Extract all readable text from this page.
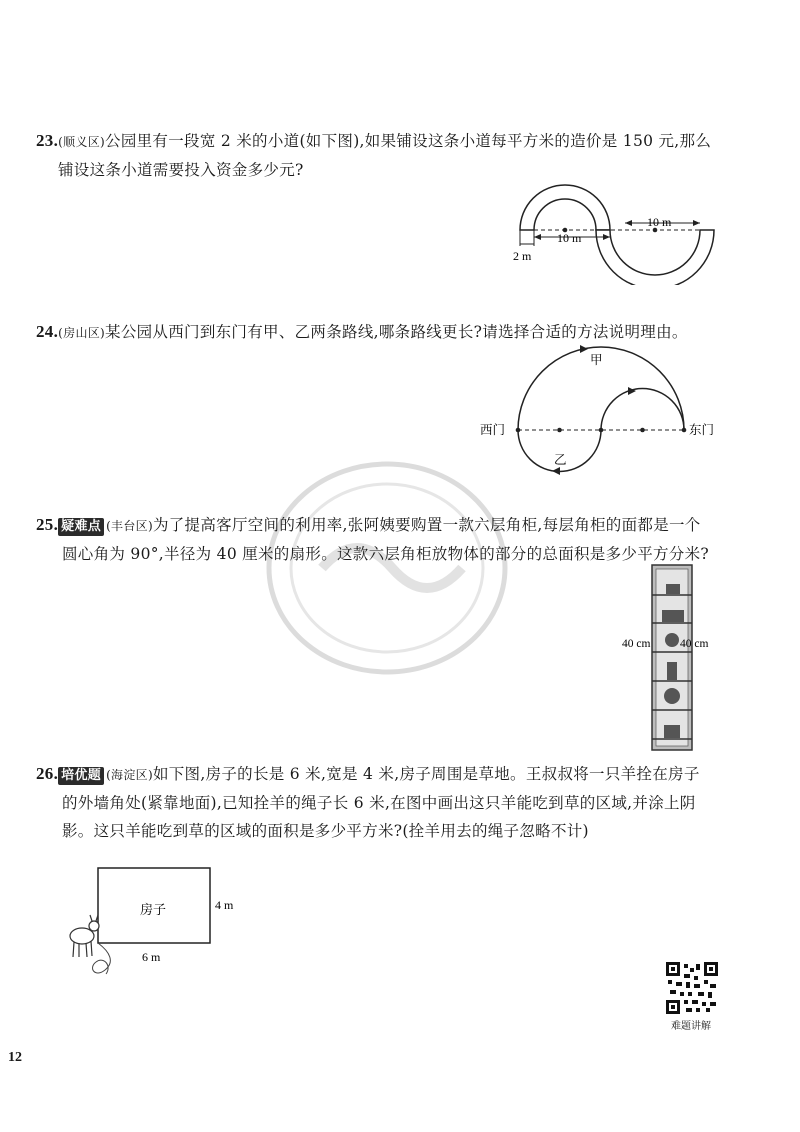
23.(顺义区)公园里有一段宽 2 米的小道(如下图),如果铺设这条小道每平方米的造价是 150 元,那么
铺设这条小道需要投入资金多少元?
10 m
10 m
2 m
24.(房山区)某公园从西门到东门有甲、乙两条路线,哪条路线更长?请选择合适的方法说明理由。
西门	东门
甲
乙
25. 疑难点 (丰台区)为了提高客厅空间的利用率,张阿姨要购置一款六层角柜,每层角柜的面都是一个
圆心角为 90°,半径为 40 厘米的扇形。这款六层角柜放物体的部分的总面积是多少平方分米?
40 cm	40 cm
26. 培优题 (海淀区)如下图,房子的长是 6 米,宽是 4 米,房子周围是草地。王叔叔将一只羊拴在房子
的外墙角处(紧靠地面),已知拴羊的绳子长 6 米,在图中画出这只羊能吃到草的区域,并涂上阴
影。这只羊能吃到草的区域的面积是多少平方米?(拴羊用去的绳子忽略不计)
房子	4 m
6 m
难题讲解
12
